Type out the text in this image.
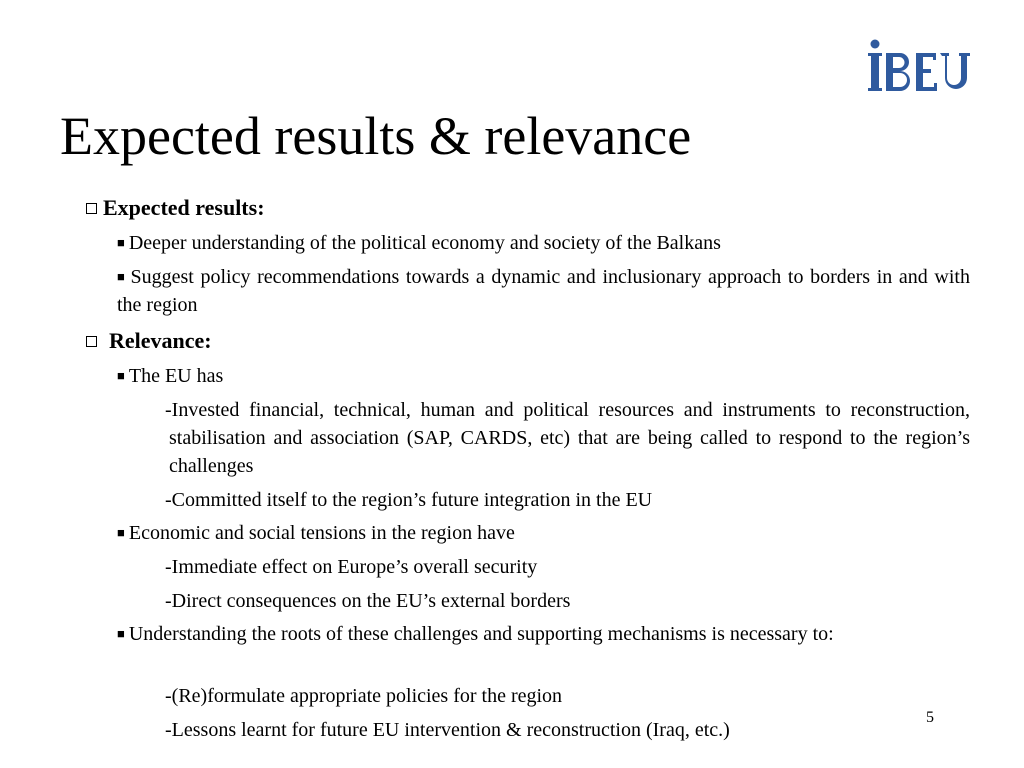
Expected results & relevance
Expected results:
■ Deeper understanding of the political economy and society of the Balkans
■ Suggest policy recommendations towards a dynamic and inclusionary approach to borders in and with the region
Relevance:
■ The EU has
-Invested financial, technical, human and political resources and instruments to reconstruction, stabilisation and association (SAP, CARDS, etc) that are being called to respond to the region’s challenges
-Committed itself to the region’s future integration in the EU
■ Economic and social tensions in the region have
-Immediate effect on Europe’s overall security
-Direct consequences on the EU’s external borders
■ Understanding the roots of these challenges and supporting mechanisms is necessary to:
-(Re)formulate appropriate policies for the region
-Lessons learnt for future EU intervention & reconstruction (Iraq, etc.)
5
